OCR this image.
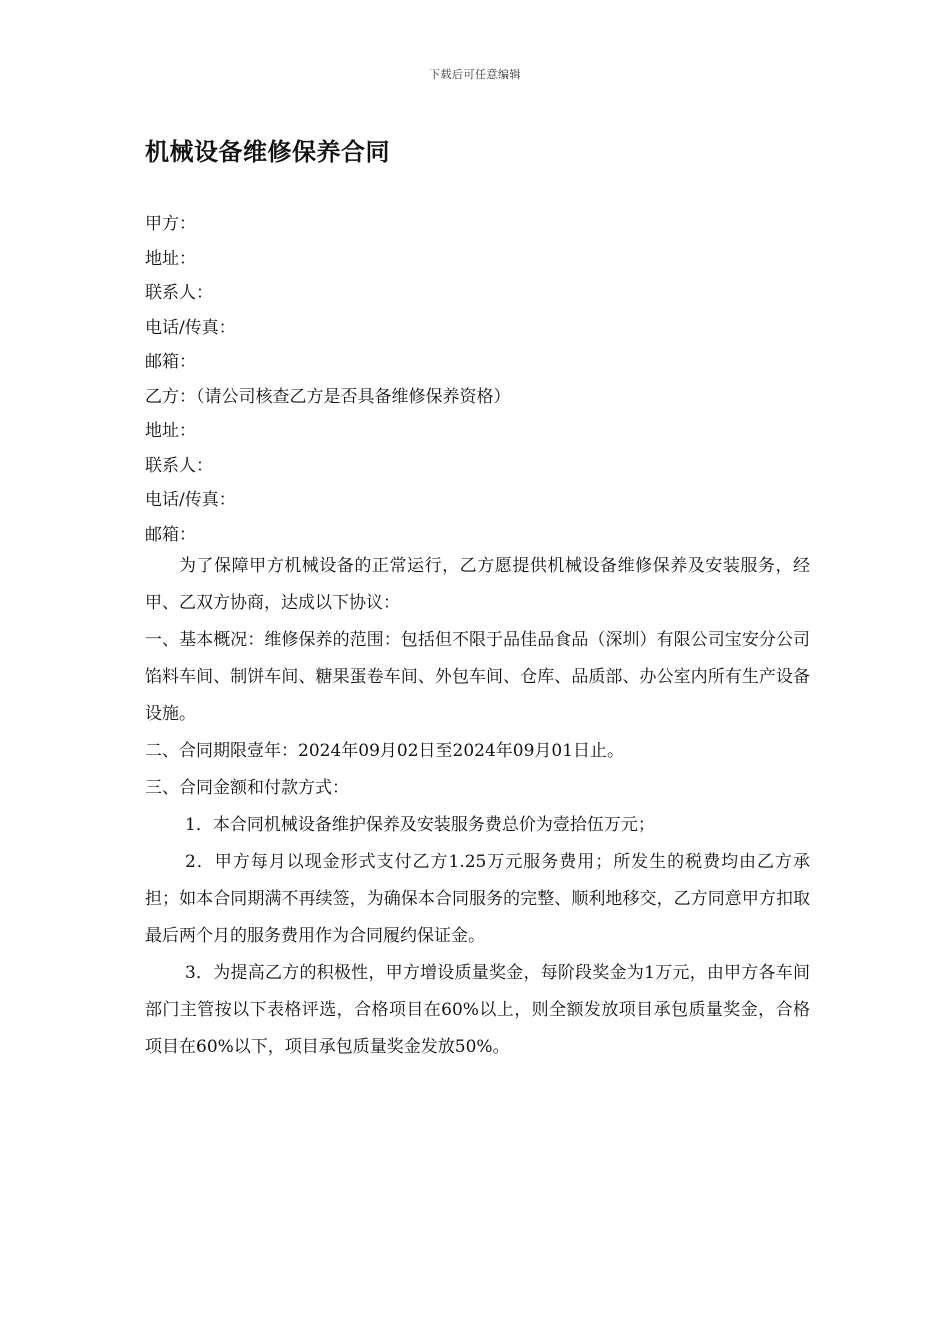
下载后可任意编辑
机械设备维修保养合同
甲方：
地址：
联系人：
电话/传真：
邮箱：
乙方：（请公司核查乙方是否具备维修保养资格）
地址：
联系人：
电话/传真：
邮箱：

为了保障甲方机械设备的正常运行，乙方愿提供机械设备维修保养及安装服务，经甲、乙双方协商，达成以下协议：

一、基本概况：维修保养的范围：包括但不限于品佳品食品（深圳）有限公司宝安分公司馅料车间、制饼车间、糖果蛋卷车间、外包车间、仓库、品质部、办公室内所有生产设备设施。

二、合同期限壹年：2024年09月02日至2024年09月01日止。

三、合同金额和付款方式：

1．本合同机械设备维护保养及安装服务费总价为壹拾伍万元；

2．甲方每月以现金形式支付乙方1.25万元服务费用；所发生的税费均由乙方承担；如本合同期满不再续签，为确保本合同服务的完整、顺利地移交，乙方同意甲方扣取最后两个月的服务费用作为合同履约保证金。

3．为提高乙方的积极性，甲方增设质量奖金，每阶段奖金为1万元，由甲方各车间部门主管按以下表格评选，合格项目在60%以上，则全额发放项目承包质量奖金，合格项目在60%以下，项目承包质量奖金发放50%。
